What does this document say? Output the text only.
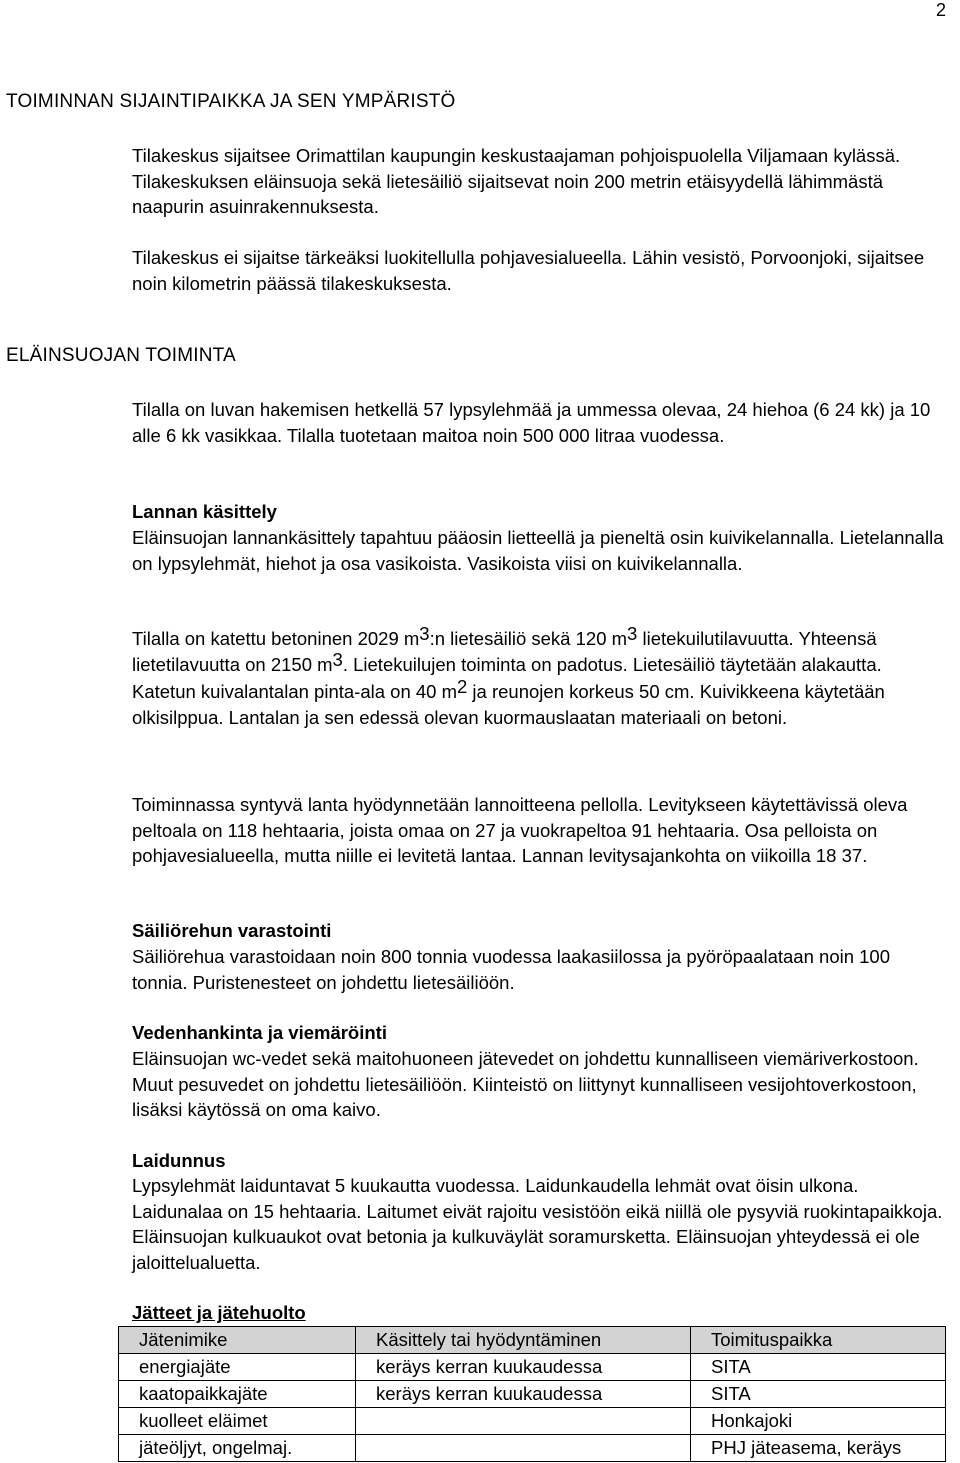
2
TOIMINNAN SIJAINTIPAIKKA JA SEN YMPÄRISTÖ
Tilakeskus sijaitsee Orimattilan kaupungin keskustaajaman pohjoispuolella Viljamaan kylässä. Tilakeskuksen eläinsuoja sekä lietesäiliö sijaitsevat noin 200 metrin etäisyydellä lähimmästä naapurin asuinrakennuksesta.
Tilakeskus ei sijaitse tärkeäksi luokitellulla pohjavesialueella. Lähin vesistö, Porvoonjoki, sijaitsee noin kilometrin päässä tilakeskuksesta.
ELÄINSUOJAN TOIMINTA
Tilalla on luvan hakemisen hetkellä 57 lypsylehmää ja ummessa olevaa, 24 hiehoa (6 24 kk) ja 10 alle 6 kk vasikkaa. Tilalla tuotetaan maitoa noin 500 000 litraa vuodessa.
Lannan käsittely
Eläinsuojan lannankäsittely tapahtuu pääosin lietteellä ja pieneltä osin kuivikelannalla. Lietelannalla on lypsylehmät, hiehot ja osa vasikoista. Vasikoista viisi on kuivikelannalla.
Tilalla on katettu betoninen 2029 $m^3:n$ lietesäiliö sekä 120 $m^3$ lietekuilutilavuutta. Yhteensä lietetilavuutta on 2150 $m^3$. Lietekuilujen toiminta on padotus. Lietesäiliö täytetään alakautta. Katetun kuivalantalan pinta-ala on 40 $m^2$ ja reunojen korkeus 50 cm. Kuivikkeena käytetään olkisilppua. Lantalan ja sen edessä olevan kuormauslaatan materiaali on betoni.
Toiminnassa syntyvä lanta hyödynnetään lannoitteena pellolla. Levitykseen käytettävissä oleva peltoala on 118 hehtaaria, joista omaa on 27 ja vuokrapeltoa 91 hehtaaria. Osa pelloista on pohjavesialueella, mutta niille ei levitetä lantaa. Lannan levitysajankohta on viikoilla 18 37.
Säiliörehun varastointi
Säiliörehua varastoidaan noin 800 tonnia vuodessa laakasiilossa ja pyöröpaalataan noin 100 tonnia. Puristenesteet on johdettu lietesäiliöön.
Vedenhankinta ja viemäröinti
Eläinsuojan wc-vedet sekä maitohuoneen jätevedet on johdettu kunnalliseen viemäriverkostoon. Muut pesuvedet on johdettu lietesäiliöön. Kiinteistö on liittynyt kunnalliseen vesijohtoverkostoon, lisäksi käytössä on oma kaivo.
Laidunnus
Lypsylehmät laiduntavat 5 kuukautta vuodessa. Laidunkaudella lehmät ovat öisin ulkona. Laidunalaa on 15 hehtaaria. Laitumet eivät rajoitu vesistöön eikä niillä ole pysyviä ruokintapaikkoja. Eläinsuojan kulkuaukot ovat betonia ja kulkuväylät soramursketta. Eläinsuojan yhteydessä ei ole jaloittelualuetta.
Jätteet ja jätehuolto
Jätenimike	Käsittely tai hyödyntäminen	Toimituspaikka
energiajäte	keräys kerran kuukaudessa	SITA
kaatopaikkajäte	keräys kerran kuukaudessa	SITA
kuolleet eläimet		Honkajoki
jäteöljyt, ongelmaj.		PHJ jäteasema, keräys
